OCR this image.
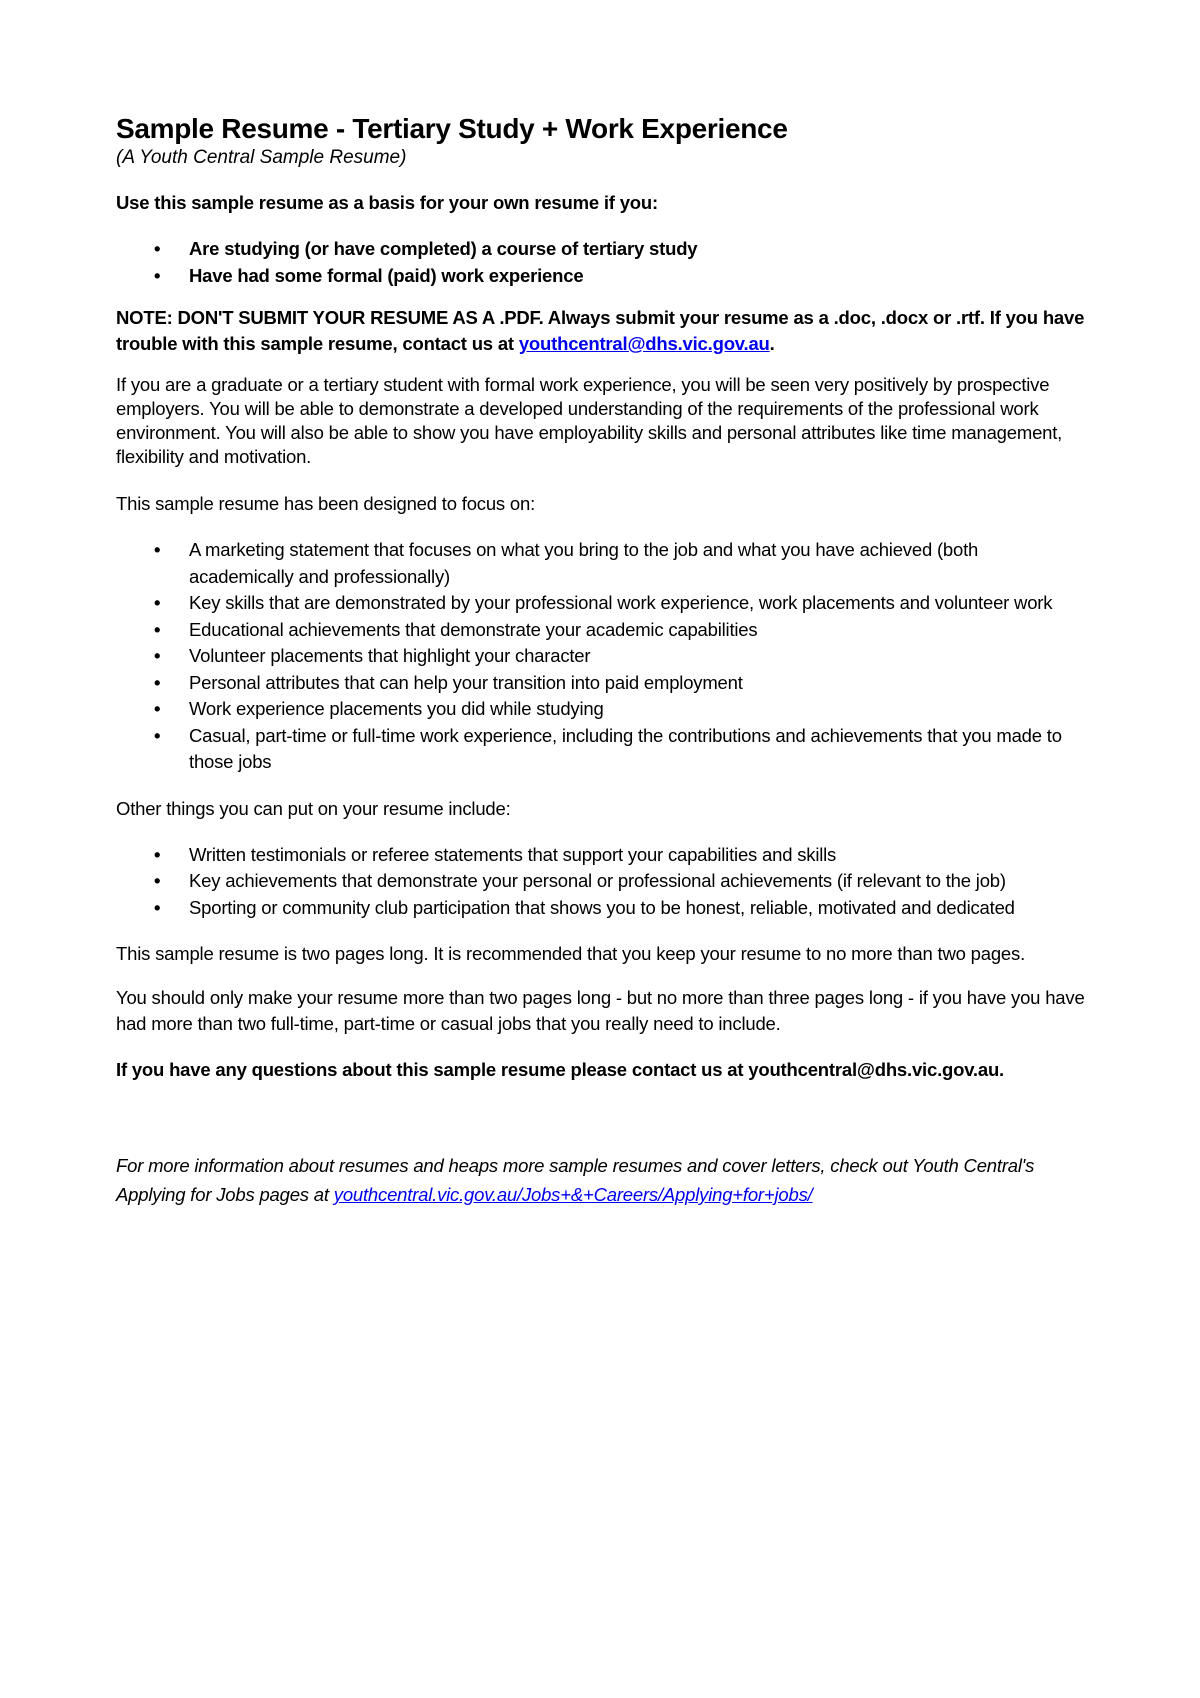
Sample Resume - Tertiary Study + Work Experience

(A Youth Central Sample Resume)

Use this sample resume as a basis for your own resume if you:

• Are studying (or have completed) a course of tertiary study
• Have had some formal (paid) work experience

NOTE: DON'T SUBMIT YOUR RESUME AS A .PDF. Always submit your resume as a .doc, .docx or .rtf. If you have trouble with this sample resume, contact us at youthcentral@dhs.vic.gov.au.

If you are a graduate or a tertiary student with formal work experience, you will be seen very positively by prospective employers. You will be able to demonstrate a developed understanding of the requirements of the professional work environment. You will also be able to show you have employability skills and personal attributes like time management, flexibility and motivation.

This sample resume has been designed to focus on:

• A marketing statement that focuses on what you bring to the job and what you have achieved (both academically and professionally)
• Key skills that are demonstrated by your professional work experience, work placements and volunteer work
• Educational achievements that demonstrate your academic capabilities
• Volunteer placements that highlight your character
• Personal attributes that can help your transition into paid employment
• Work experience placements you did while studying
• Casual, part-time or full-time work experience, including the contributions and achievements that you made to those jobs

Other things you can put on your resume include:

• Written testimonials or referee statements that support your capabilities and skills
• Key achievements that demonstrate your personal or professional achievements (if relevant to the job)
• Sporting or community club participation that shows you to be honest, reliable, motivated and dedicated

This sample resume is two pages long. It is recommended that you keep your resume to no more than two pages.

You should only make your resume more than two pages long - but no more than three pages long - if you have you have had more than two full-time, part-time or casual jobs that you really need to include.

If you have any questions about this sample resume please contact us at youthcentral@dhs.vic.gov.au.

For more information about resumes and heaps more sample resumes and cover letters, check out Youth Central's Applying for Jobs pages at youthcentral.vic.gov.au/Jobs+&+Careers/Applying+for+jobs/
